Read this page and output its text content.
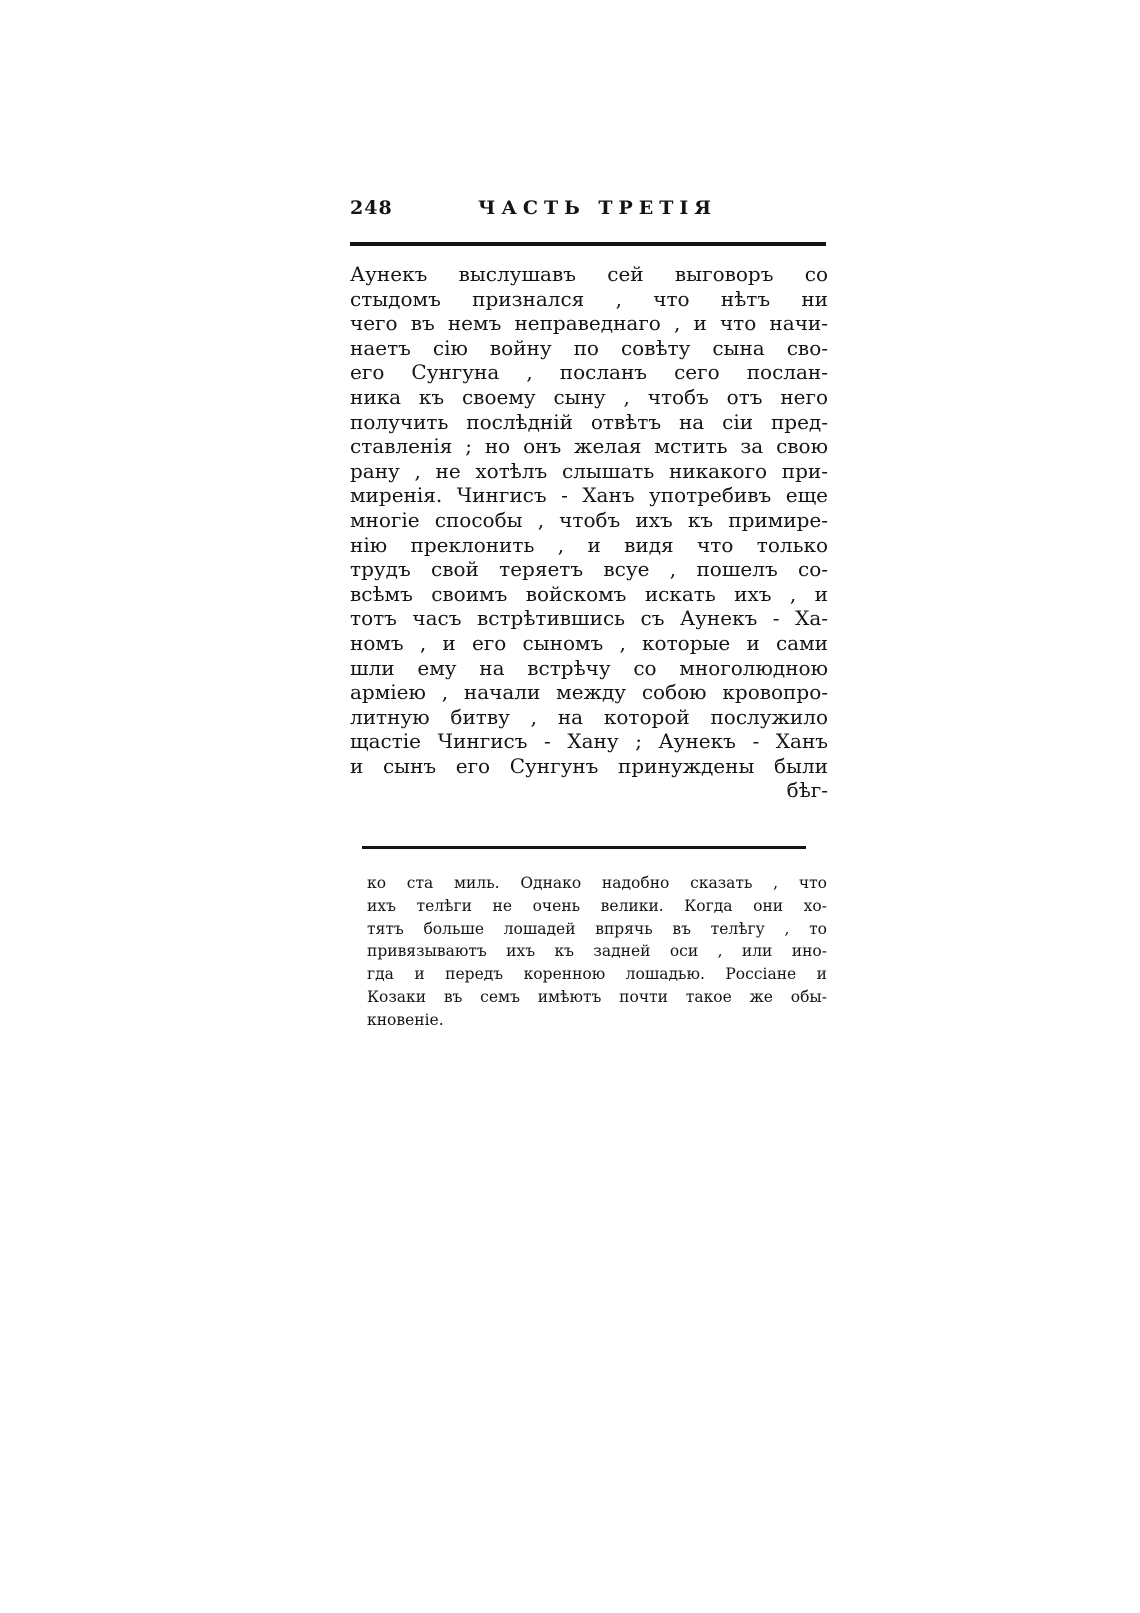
248	ЧАСТЬ ТРЕТІЯ
Аунекъ выслушавъ сей выговоръ со
стыдомъ признался , что нѣтъ ни
чего въ немъ неправеднаго , и что начи-
наетъ сію войну по совѣту сына сво-
его Сунгуна , посланъ сего послан-
ника къ своему сыну , чтобъ отъ него
получить послѣдній отвѣтъ на сіи пред-
ставленія ; но онъ желая мстить за свою
рану , не хотѣлъ слышать никакого при-
миренія. Чингисъ - Ханъ употребивъ еще
многіе способы , чтобъ ихъ къ примире-
нію преклонить , и видя что только
трудъ свой теряетъ всуе , пошелъ со-
всѣмъ своимъ войскомъ искать ихъ , и
тотъ часъ встрѣтившись съ Аунекъ - Ха-
номъ , и его сыномъ , которые и сами
шли ему на встрѣчу со многолюдною
арміею , начали между собою кровопро-
литную битву , на которой послужило
щастіе Чингисъ - Хану ; Аунекъ - Ханъ
и сынъ его Сунгунъ принуждены были
бѣг-
ко ста миль. Однако надобно сказать , что
ихъ телѣги не очень велики. Когда они хо-
тятъ больше лошадей впрячь въ телѣгу , то
привязываютъ ихъ къ задней оси , или ино-
гда и передъ коренною лошадью. Россіане и
Козаки въ семъ имѣютъ почти такое же обы-
кновеніе.
